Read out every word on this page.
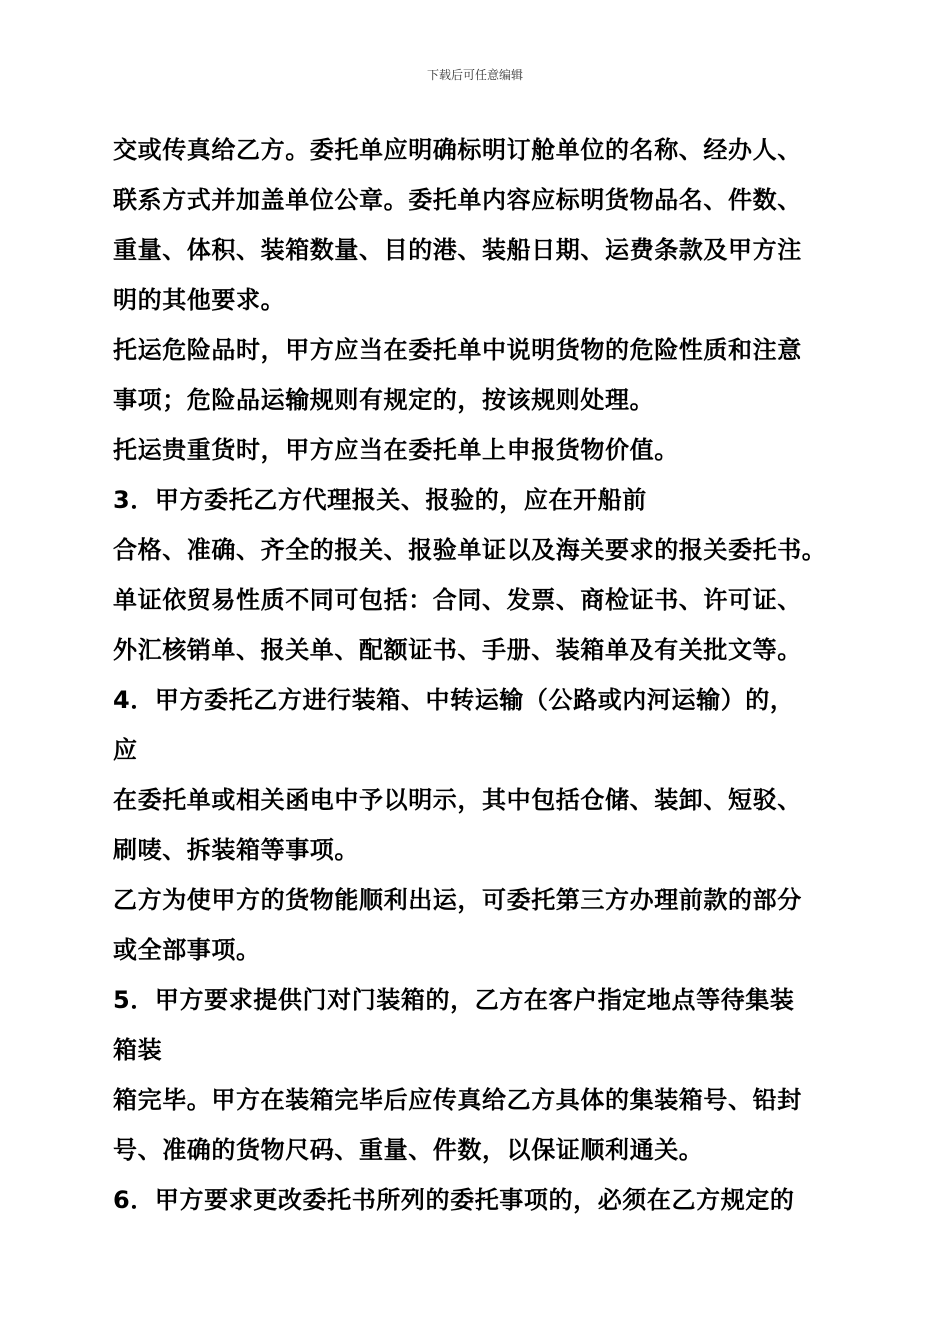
下载后可任意编辑
交或传真给乙方。委托单应明确标明订舱单位的名称、经办人、
联系方式并加盖单位公章。委托单内容应标明货物品名、件数、
重量、体积、装箱数量、目的港、装船日期、运费条款及甲方注
明的其他要求。
托运危险品时，甲方应当在委托单中说明货物的危险性质和注意
事项；危险品运输规则有规定的，按该规则处理。
托运贵重货时，甲方应当在委托单上申报货物价值。
3．甲方委托乙方代理报关、报验的，应在开船前
合格、准确、齐全的报关、报验单证以及海关要求的报关委托书。
单证依贸易性质不同可包括：合同、发票、商检证书、许可证、
外汇核销单、报关单、配额证书、手册、装箱单及有关批文等。
4．甲方委托乙方进行装箱、中转运输（公路或内河运输）的，
应
在委托单或相关函电中予以明示，其中包括仓储、装卸、短驳、
刷唛、拆装箱等事项。
乙方为使甲方的货物能顺利出运，可委托第三方办理前款的部分
或全部事项。
5．甲方要求提供门对门装箱的，乙方在客户指定地点等待集装
箱装
箱完毕。甲方在装箱完毕后应传真给乙方具体的集装箱号、铅封
号、准确的货物尺码、重量、件数，以保证顺利通关。
6．甲方要求更改委托书所列的委托事项的，必须在乙方规定的
